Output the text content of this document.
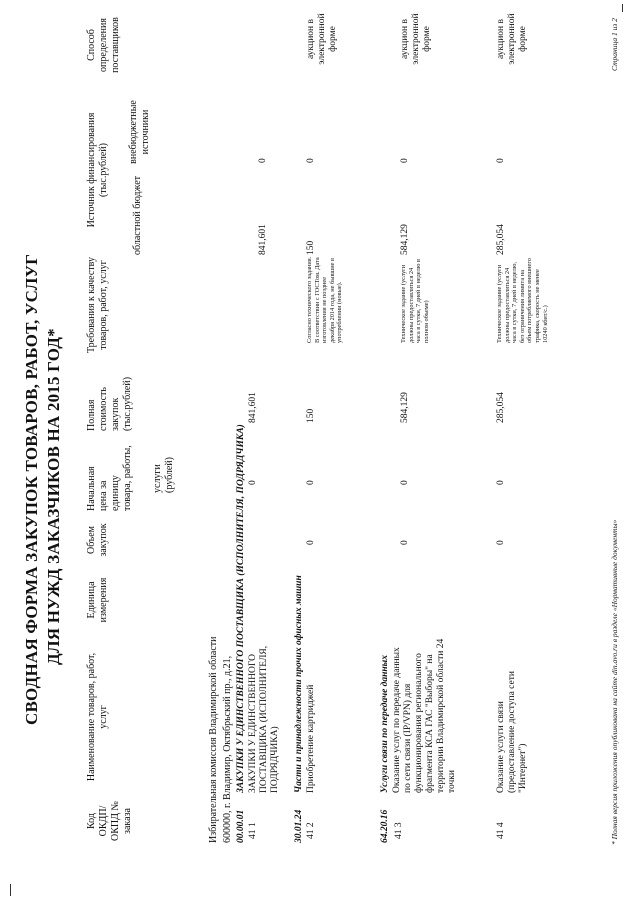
СВОДНАЯ ФОРМА ЗАКУПОК ТОВАРОВ, РАБОТ, УСЛУГ ДЛЯ НУЖД ЗАКАЗЧИКОВ НА 2015 ГОД*
Код ОКДП/ ОКПД № заказа
Наименование товаров, работ, услуг
Единица измерения
Объем закупок
Начальная цена за единицу товара, работы, услуги (рублей)
Полная стоимость закупок (тыс.рублей)
Требования к качеству товаров, работ, услуг
Источник финансирования (тыс.рублей)
областной бюджет
внебюджетные источники
Способ определения поставщиков
Избирательная комиссия Владимирской области 600000, г. Владимир, Октябрьский пр., д.21, 00.00.01
ЗАКУПКИ У ЕДИНСТВЕННОГО ПОСТАВЩИКА (ИСПОЛНИТЕЛЯ, ПОДРЯДЧИКА)
41 1
ЗАКУПКИ У ЕДИНСТВЕННОГО ПОСТАВЩИКА (ИСПОЛНИТЕЛЯ, ПОДРЯДЧИКА)
0
841,601
841,601
0
30.01.24
Части и принадлежности прочих офисных машин
41 2
Приобретение картриджей
0
0
150
Согласно технического задания. В соответствии с ГОСТом. Дата изготовления не позднее декабря 2014 года, не бывшие в употреблении (новые).
150
0
аукцион в электронной форме
64.20.16
Услуги связи по передаче данных
41 3
Оказание услуг по передаче данных по сети связи (IP/VPN) для функционирования регионального фрагмента КСА ГАС "Выборы" на территории Владимирской области 24 точки
0
0
584,129
Техническое задание (услуги должны предоставляться 24 часа в сутки, 7 дней в неделю в полном объеме)
584,129
0
аукцион в электронной форме
41 4
Оказание услуги связи (предоставление доступа сети "Интернет")
0
0
285,054
Техническое задание (услуги должны предоставляться 24 часа в сутки, 7 дней в неделю, без ограничения лимита на объем потребляемого внешнего трафика, скорость не менее 10240 кбит/с.)
285,054
0
аукцион в электронной форме
* Полная версия приложения опубликована на сайте din.avo.ru в разделе «Нормативные документы»
Страница 1 из 2
